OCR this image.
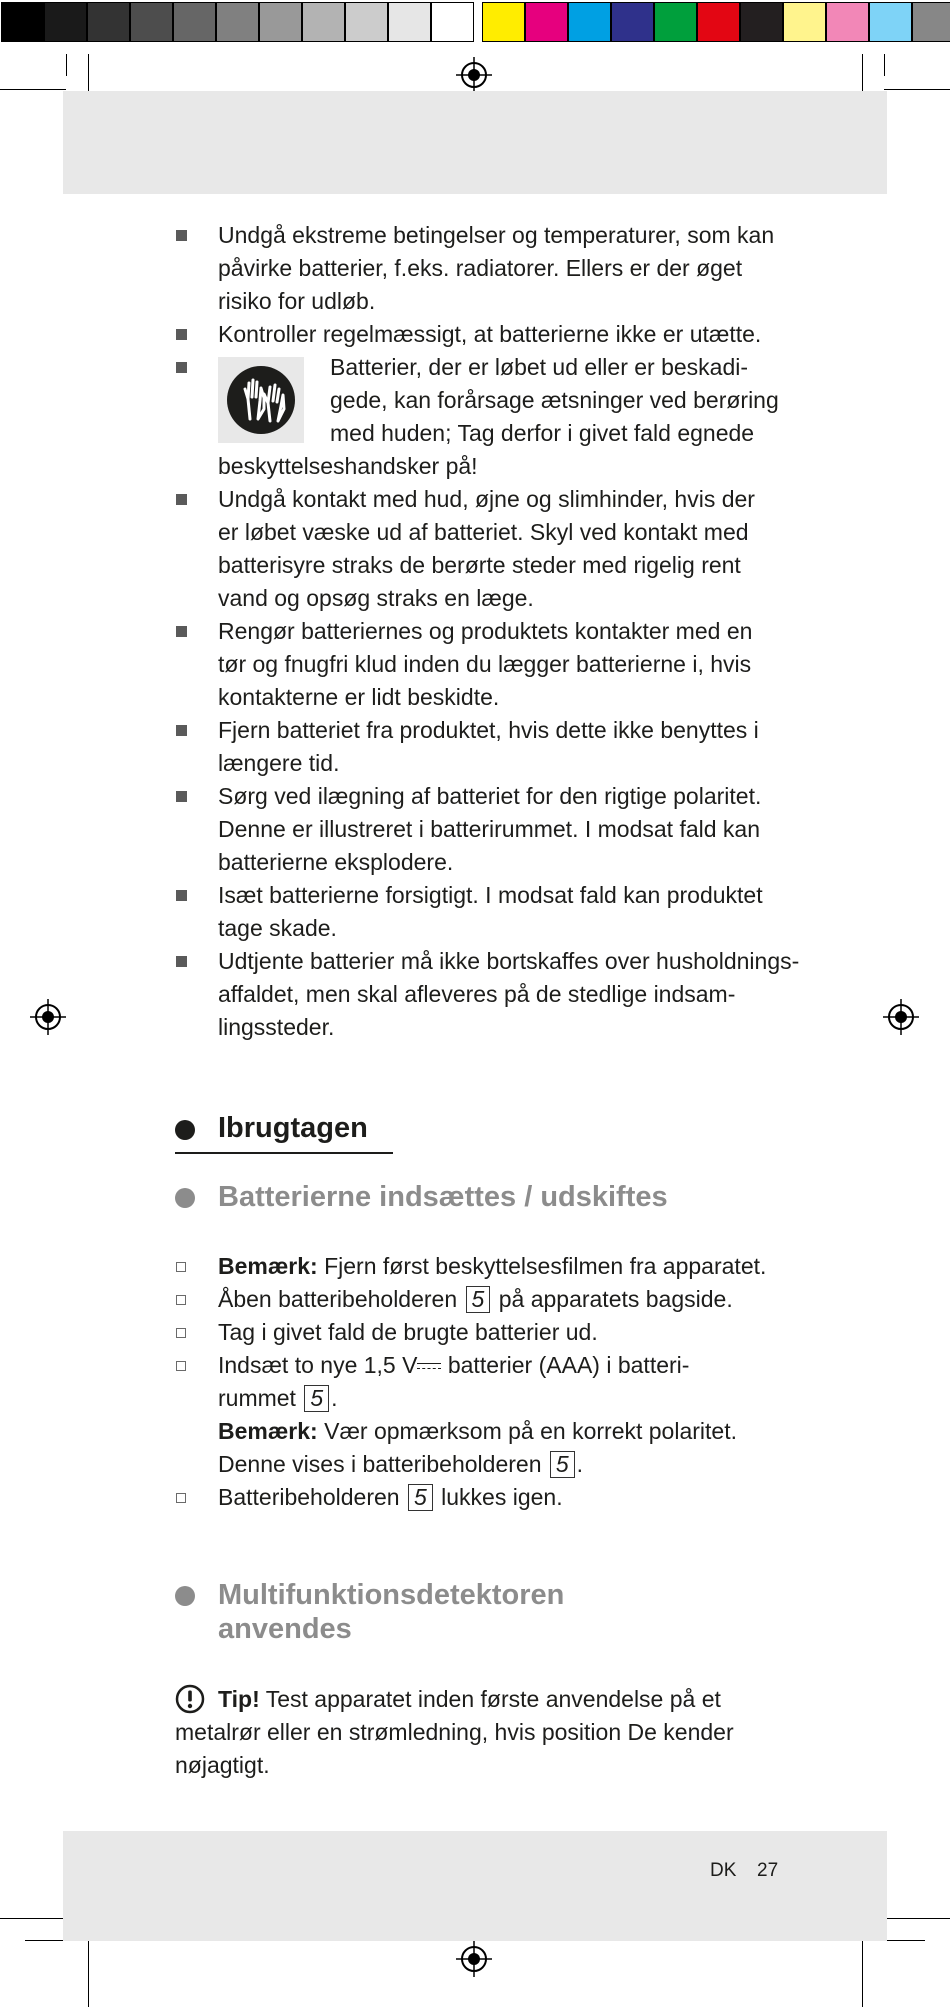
Undgå ekstreme betingelser og temperaturer, som kan
påvirke batterier, f.eks. radiatorer. Ellers er der øget
risiko for udløb.
Kontroller regelmæssigt, at batterierne ikke er utætte.
Batterier, der er løbet ud eller er beskadi-
gede, kan forårsage ætsninger ved berøring
med huden; Tag derfor i givet fald egnede
beskyttelseshandsker på!
Undgå kontakt med hud, øjne og slimhinder, hvis der
er løbet væske ud af batteriet. Skyl ved kontakt med
batterisyre straks de berørte steder med rigelig rent
vand og opsøg straks en læge.
Rengør batteriernes og produktets kontakter med en
tør og fnugfri klud inden du lægger batterierne i, hvis
kontakterne er lidt beskidte.
Fjern batteriet fra produktet, hvis dette ikke benyttes i
længere tid.
Sørg ved ilægning af batteriet for den rigtige polaritet.
Denne er illustreret i batterirummet. I modsat fald kan
batterierne eksplodere.
Isæt batterierne forsigtigt. I modsat fald kan produktet
tage skade.
Udtjente batterier må ikke bortskaffes over husholdnings-
affaldet, men skal afleveres på de stedlige indsam-
lingssteder.
Ibrugtagen
Batterierne indsættes / udskiftes
Bemærk: Fjern først beskyttelsesfilmen fra apparatet.
Åben batteribeholderen 5 på apparatets bagside.
Tag i givet fald de brugte batterier ud.
Indsæt to nye 1,5 V batterier (AAA) i batteri-
rummet 5 .
Bemærk: Vær opmærksom på en korrekt polaritet.
Denne vises i batteribeholderen 5 .
Batteribeholderen 5 lukkes igen.
Multifunktionsdetektoren
anvendes
Tip! Test apparatet inden første anvendelse på et
metalrør eller en strømledning, hvis position De kender
nøjagtigt.
DK 27
